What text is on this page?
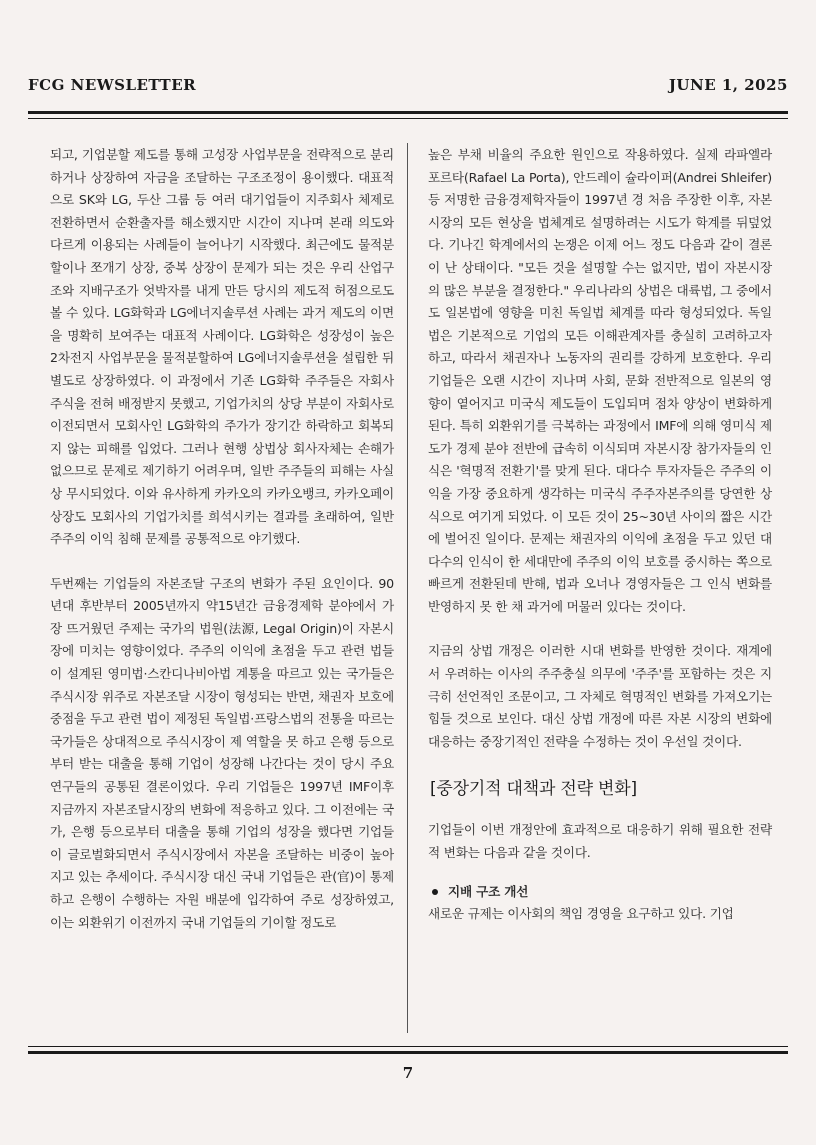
FCG NEWSLETTER	JUNE 1, 2025

되고, 기업분할 제도를 통해 고성장 사업부문을 전략적으로 분리하거나 상장하여 자금을 조달하는 구조조정이 용이했다. 대표적으로 SK와 LG, 두산 그룹 등 여러 대기업들이 지주회사 체제로 전환하면서 순환출자를 해소했지만 시간이 지나며 본래 의도와 다르게 이용되는 사례들이 늘어나기 시작했다. 최근에도 물적분할이나 쪼개기 상장, 중복 상장이 문제가 되는 것은 우리 산업구조와 지배구조가 엇박자를 내게 만든 당시의 제도적 허점으로도 볼 수 있다. LG화학과 LG에너지솔루션 사례는 과거 제도의 이면을 명확히 보여주는 대표적 사례이다. LG화학은 성장성이 높은 2차전지 사업부문을 물적분할하여 LG에너지솔루션을 설립한 뒤 별도로 상장하였다. 이 과정에서 기존 LG화학 주주들은 자회사 주식을 전혀 배정받지 못했고, 기업가치의 상당 부분이 자회사로 이전되면서 모회사인 LG화학의 주가가 장기간 하락하고 회복되지 않는 피해를 입었다. 그러나 현행 상법상 회사자체는 손해가 없으므로 문제로 제기하기 어려우며, 일반 주주들의 피해는 사실상 무시되었다. 이와 유사하게 카카오의 카카오뱅크, 카카오페이 상장도 모회사의 기업가치를 희석시키는 결과를 초래하여, 일반 주주의 이익 침해 문제를 공통적으로 야기했다.

두번째는 기업들의 자본조달 구조의 변화가 주된 요인이다. 90년대 후반부터 2005년까지 약15년간 금융경제학 분야에서 가장 뜨거웠던 주제는 국가의 법원(法源, Legal Origin)이 자본시장에 미치는 영향이었다. 주주의 이익에 초점을 두고 관련 법들이 설계된 영미법·스칸디나비아법 계통을 따르고 있는 국가들은 주식시장 위주로 자본조달 시장이 형성되는 반면, 채권자 보호에 중점을 두고 관련 법이 제정된 독일법·프랑스법의 전통을 따르는 국가들은 상대적으로 주식시장이 제 역할을 못 하고 은행 등으로부터 받는 대출을 통해 기업이 성장해 나간다는 것이 당시 주요 연구들의 공통된 결론이었다. 우리 기업들은 1997년 IMF이후 지금까지 자본조달시장의 변화에 적응하고 있다. 그 이전에는 국가, 은행 등으로부터 대출을 통해 기업의 성장을 했다면 기업들이 글로벌화되면서 주식시장에서 자본을 조달하는 비중이 높아지고 있는 추세이다. 주식시장 대신 국내 기업들은 관(官)이 통제하고 은행이 수행하는 자원 배분에 입각하여 주로 성장하였고, 이는 외환위기 이전까지 국내 기업들의 기이할 정도로

높은 부채 비율의 주요한 원인으로 작용하였다. 실제 라파엘라 포르타(Rafael La Porta), 안드레이 슐라이퍼(Andrei Shleifer) 등 저명한 금융경제학자들이 1997년 경 처음 주장한 이후, 자본시장의 모든 현상을 법체계로 설명하려는 시도가 학계를 뒤덮었다. 기나긴 학계에서의 논쟁은 이제 어느 정도 다음과 같이 결론이 난 상태이다. "모든 것을 설명할 수는 없지만, 법이 자본시장의 많은 부분을 결정한다." 우리나라의 상법은 대륙법, 그 중에서도 일본법에 영향을 미친 독일법 체계를 따라 형성되었다. 독일법은 기본적으로 기업의 모든 이해관계자를 충실히 고려하고자 하고, 따라서 채권자나 노동자의 권리를 강하게 보호한다. 우리 기업들은 오랜 시간이 지나며 사회, 문화 전반적으로 일본의 영향이 옅어지고 미국식 제도들이 도입되며 점차 양상이 변화하게 된다. 특히 외환위기를 극복하는 과정에서 IMF에 의해 영미식 제도가 경제 분야 전반에 급속히 이식되며 자본시장 참가자들의 인식은 '혁명적 전환기'를 맞게 된다. 대다수 투자자들은 주주의 이익을 가장 중요하게 생각하는 미국식 주주자본주의를 당연한 상식으로 여기게 되었다. 이 모든 것이 25~30년 사이의 짧은 시간에 벌어진 일이다. 문제는 채권자의 이익에 초점을 두고 있던 대 다수의 인식이 한 세대만에 주주의 이익 보호를 중시하는 쪽으로 빠르게 전환된데 반해, 법과 오너나 경영자들은 그 인식 변화를 반영하지 못 한 채 과거에 머물러 있다는 것이다.

지금의 상법 개정은 이러한 시대 변화를 반영한 것이다. 재계에서 우려하는 이사의 주주충실 의무에 '주주'를 포함하는 것은 지극히 선언적인 조문이고, 그 자체로 혁명적인 변화를 가져오기는 힘들 것으로 보인다. 대신 상법 개정에 따른 자본 시장의 변화에 대응하는 중장기적인 전략을 수정하는 것이 우선일 것이다.

[중장기적 대책과 전략 변화]

기업들이 이번 개정안에 효과적으로 대응하기 위해 필요한 전략적 변화는 다음과 같을 것이다.

지배 구조 개선

새로운 규제는 이사회의 책임 경영을 요구하고 있다. 기업

7
